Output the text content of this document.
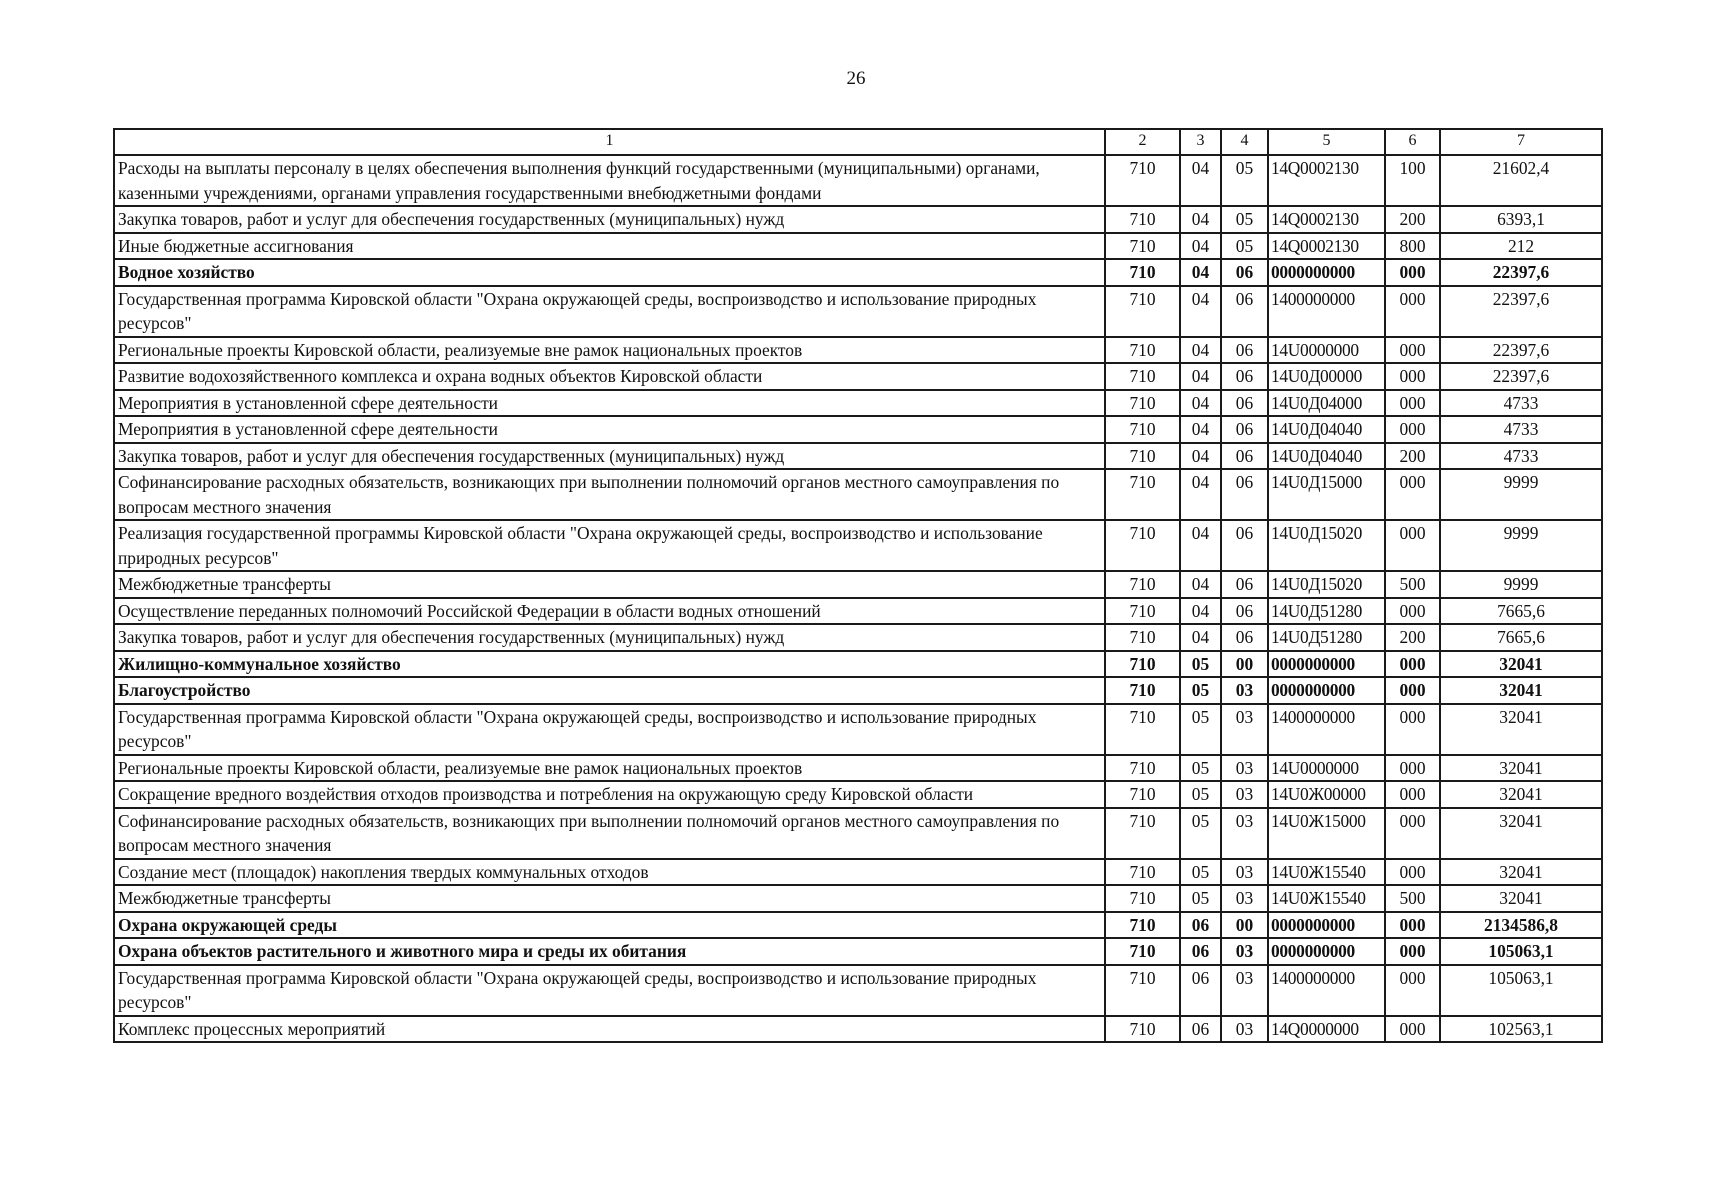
26
1	2	3	4	5	6	7
Расходы на выплаты персоналу в целях обеспечения выполнения функций государственными (муниципальными) органами, казенными учреждениями, органами управления государственными внебюджетными фондами	710	04	05	14Q0002130	100	21602,4
Закупка товаров, работ и услуг для обеспечения государственных (муниципальных) нужд	710	04	05	14Q0002130	200	6393,1
Иные бюджетные ассигнования	710	04	05	14Q0002130	800	212
Водное хозяйство	710	04	06	0000000000	000	22397,6
Государственная программа Кировской области "Охрана окружающей среды, воспроизводство и использование природных ресурсов"	710	04	06	1400000000	000	22397,6
Региональные проекты Кировской области, реализуемые вне рамок национальных проектов	710	04	06	14U0000000	000	22397,6
Развитие водохозяйственного комплекса и охрана водных объектов Кировской области	710	04	06	14U0Д00000	000	22397,6
Мероприятия в установленной сфере деятельности	710	04	06	14U0Д04000	000	4733
Мероприятия в установленной сфере деятельности	710	04	06	14U0Д04040	000	4733
Закупка товаров, работ и услуг для обеспечения государственных (муниципальных) нужд	710	04	06	14U0Д04040	200	4733
Софинансирование расходных обязательств, возникающих при выполнении полномочий органов местного самоуправления по вопросам местного значения	710	04	06	14U0Д15000	000	9999
Реализация государственной программы Кировской области "Охрана окружающей среды, воспроизводство и использование природных ресурсов"	710	04	06	14U0Д15020	000	9999
Межбюджетные трансферты	710	04	06	14U0Д15020	500	9999
Осуществление переданных полномочий Российской Федерации в области водных отношений	710	04	06	14U0Д51280	000	7665,6
Закупка товаров, работ и услуг для обеспечения государственных (муниципальных) нужд	710	04	06	14U0Д51280	200	7665,6
Жилищно-коммунальное хозяйство	710	05	00	0000000000	000	32041
Благоустройство	710	05	03	0000000000	000	32041
Государственная программа Кировской области "Охрана окружающей среды, воспроизводство и использование природных ресурсов"	710	05	03	1400000000	000	32041
Региональные проекты Кировской области, реализуемые вне рамок национальных проектов	710	05	03	14U0000000	000	32041
Сокращение вредного воздействия отходов производства и потребления на окружающую среду Кировской области	710	05	03	14U0Ж00000	000	32041
Софинансирование расходных обязательств, возникающих при выполнении полномочий органов местного самоуправления по вопросам местного значения	710	05	03	14U0Ж15000	000	32041
Создание мест (площадок) накопления твердых коммунальных отходов	710	05	03	14U0Ж15540	000	32041
Межбюджетные трансферты	710	05	03	14U0Ж15540	500	32041
Охрана окружающей среды	710	06	00	0000000000	000	2134586,8
Охрана объектов растительного и животного мира и среды их обитания	710	06	03	0000000000	000	105063,1
Государственная программа Кировской области "Охрана окружающей среды, воспроизводство и использование природных ресурсов"	710	06	03	1400000000	000	105063,1
Комплекс процессных мероприятий	710	06	03	14Q0000000	000	102563,1
